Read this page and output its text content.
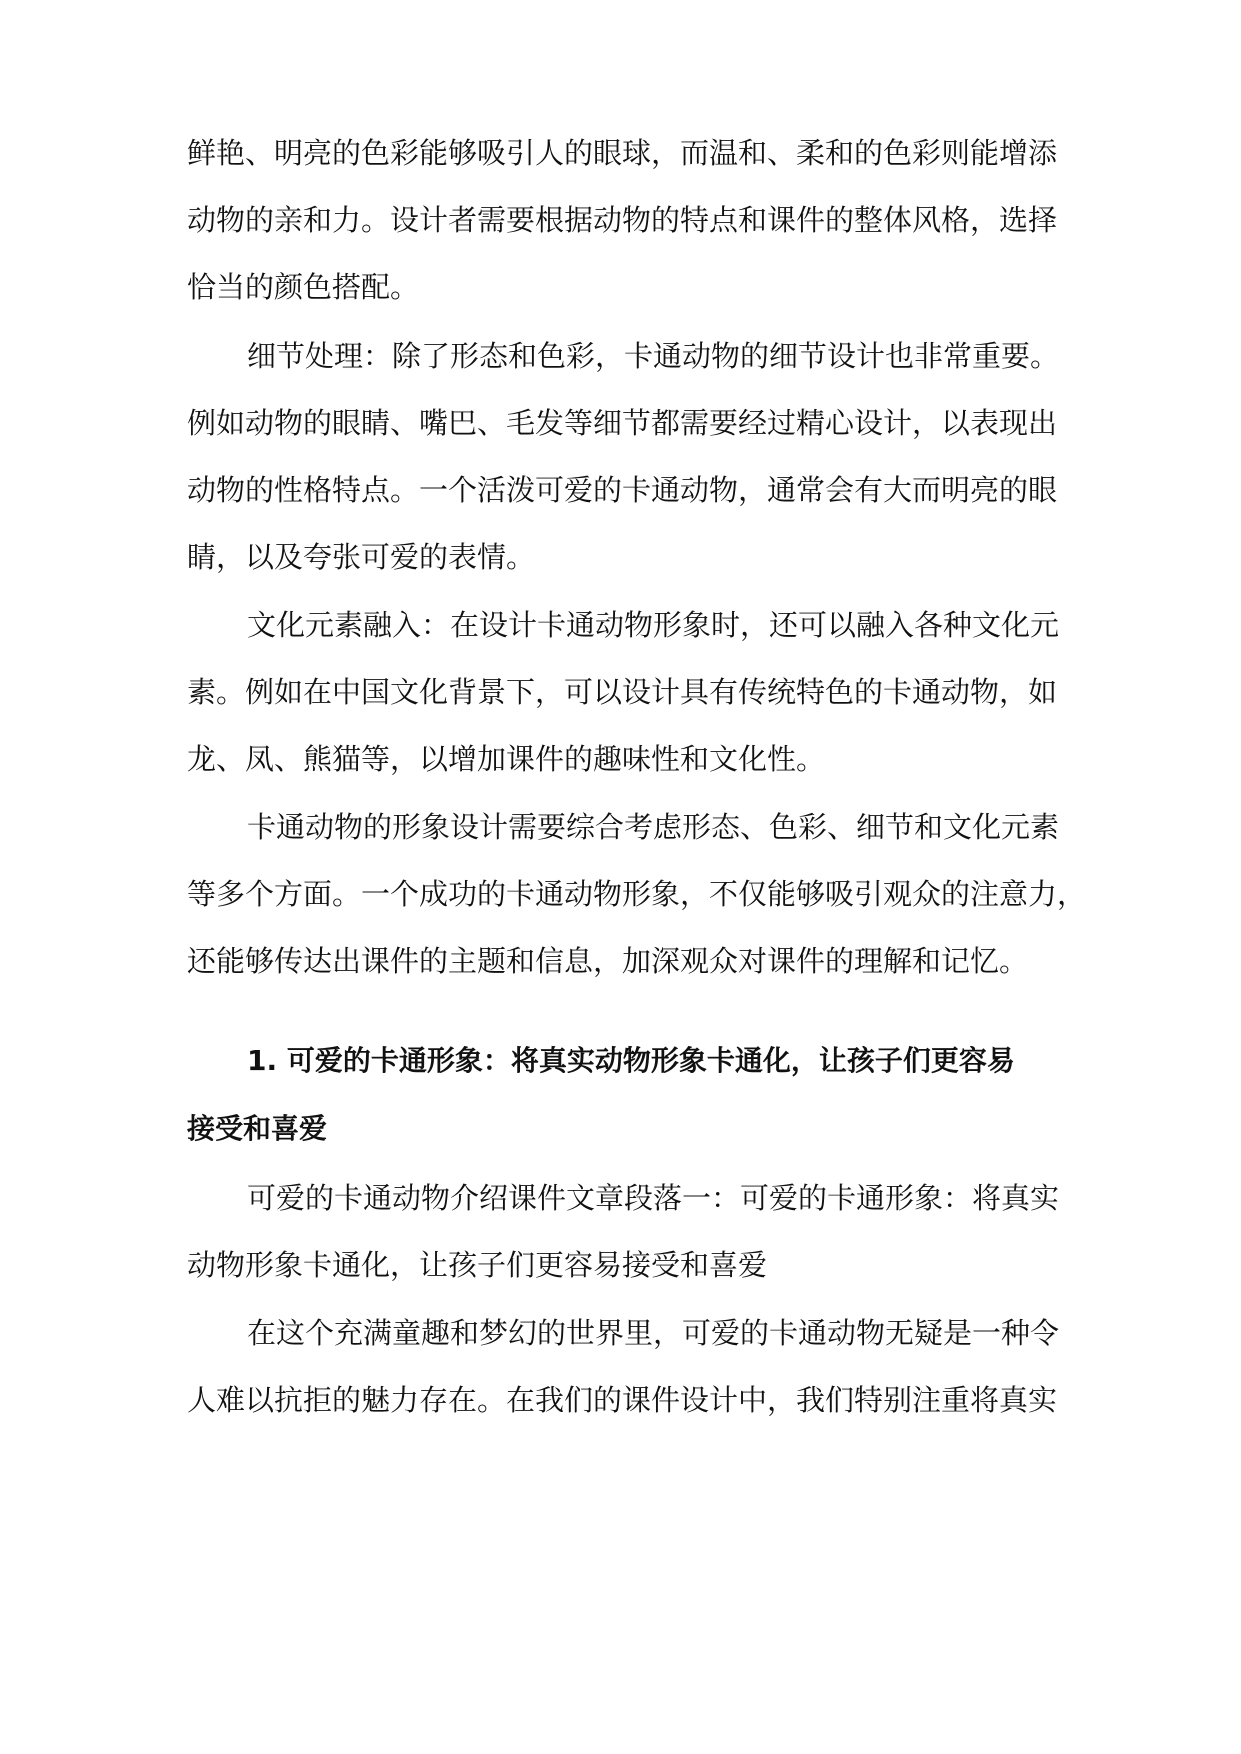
鲜艳、明亮的色彩能够吸引人的眼球，而温和、柔和的色彩则能增添
动物的亲和力。设计者需要根据动物的特点和课件的整体风格，选择
恰当的颜色搭配。
细节处理：除了形态和色彩，卡通动物的细节设计也非常重要。
例如动物的眼睛、嘴巴、毛发等细节都需要经过精心设计，以表现出
动物的性格特点。一个活泼可爱的卡通动物，通常会有大而明亮的眼
睛，以及夸张可爱的表情。
文化元素融入：在设计卡通动物形象时，还可以融入各种文化元
素。例如在中国文化背景下，可以设计具有传统特色的卡通动物，如
龙、凤、熊猫等，以增加课件的趣味性和文化性。
卡通动物的形象设计需要综合考虑形态、色彩、细节和文化元素
等多个方面。一个成功的卡通动物形象，不仅能够吸引观众的注意力，
还能够传达出课件的主题和信息，加深观众对课件的理解和记忆。
1. 可爱的卡通形象：将真实动物形象卡通化，让孩子们更容易
接受和喜爱
可爱的卡通动物介绍课件文章段落一：可爱的卡通形象：将真实
动物形象卡通化，让孩子们更容易接受和喜爱
在这个充满童趣和梦幻的世界里，可爱的卡通动物无疑是一种令
人难以抗拒的魅力存在。在我们的课件设计中，我们特别注重将真实
